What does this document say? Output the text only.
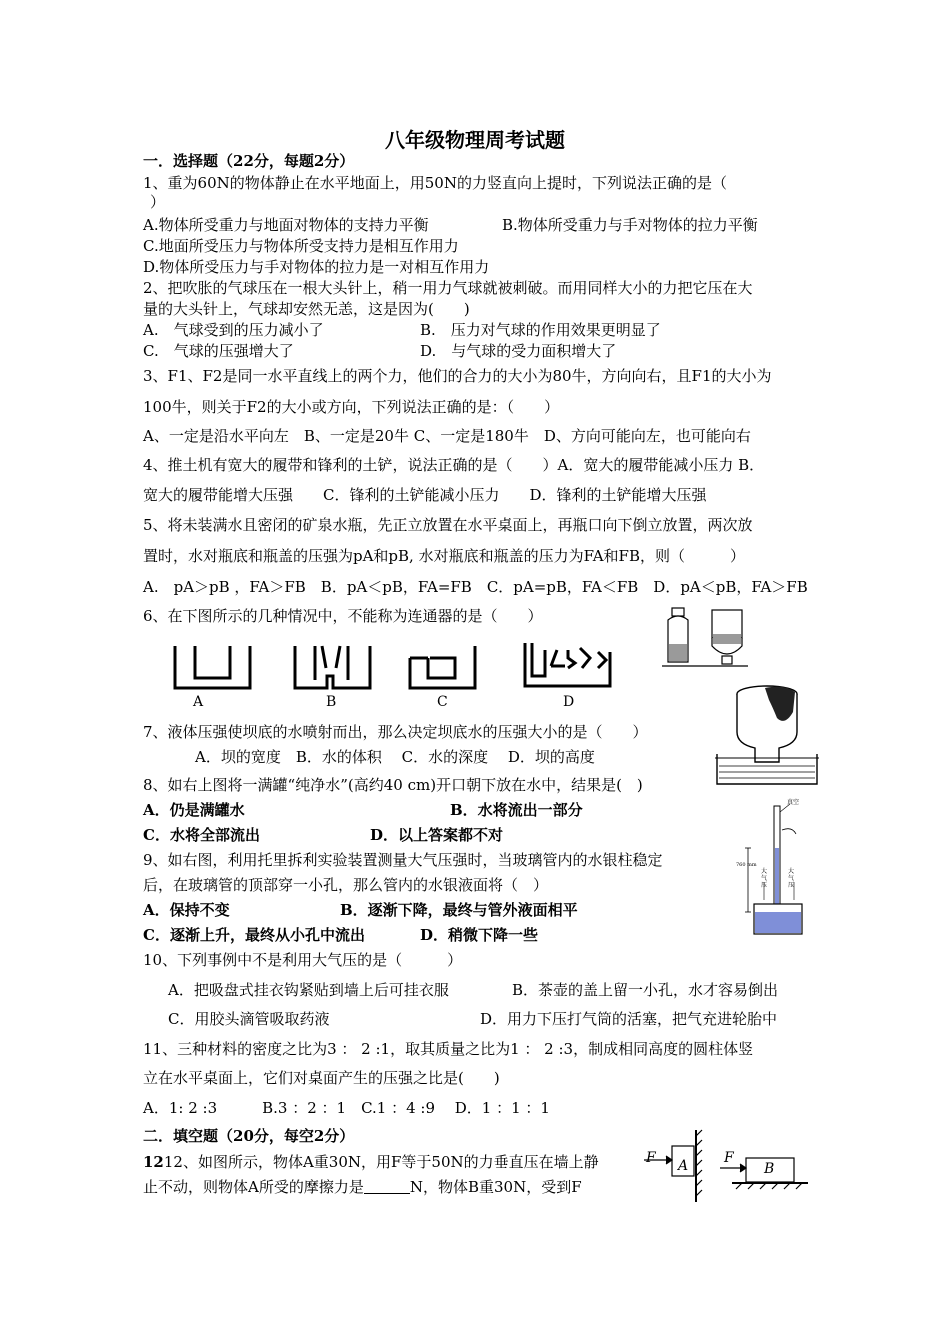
八年级物理周考试题
一．选择题（22分，每题2分）
1、重为60N的物体静止在水平地面上，用50N的力竖直向上提时，下列说法正确的是（
）
A.物体所受重力与地面对物体的支持力平衡	B.物体所受重力与手对物体的拉力平衡
C.地面所受压力与物体所受支持力是相互作用力
D.物体所受压力与手对物体的拉力是一对相互作用力
2、把吹胀的气球压在一根大头针上，稍一用力气球就被刺破。而用同样大小的力把它压在大
量的大头针上，气球却安然无恙，这是因为(　　)
A.　气球受到的压力减小了	B.　压力对气球的作用效果更明显了
C.　气球的压强增大了	D.　与气球的受力面积增大了
3、F1、F2是同一水平直线上的两个力，他们的合力的大小为80牛，方向向右，且F1的大小为
100牛，则关于F2的大小或方向，下列说法正确的是：（　　）
A、一定是沿水平向左　B、一定是20牛 C、一定是180牛　D、方向可能向左，也可能向右
4、推土机有宽大的履带和锋利的土铲，说法正确的是（　　）A．宽大的履带能减小压力 B．
宽大的履带能增大压强　　C．锋利的土铲能减小压力　　D．锋利的土铲能增大压强
5、将未装满水且密闭的矿泉水瓶，先正立放置在水平桌面上，再瓶口向下倒立放置，两次放
置时，水对瓶底和瓶盖的压强为pA和pB, 水对瓶底和瓶盖的压力为FA和FB，则（　　　）
A.　pA＞pB ，FA＞FB　B．pA＜pB，FA=FB　C．pA=pB，FA＜FB　D．pA＜pB，FA＞FB
6、在下图所示的几种情况中，不能称为连通器的是（　　）
A	B	C	D
7、液体压强使坝底的水喷射而出，那么决定坝底水的压强大小的是（　　）
A．坝的宽度　B．水的体积　 C．水的深度　 D．坝的高度
8、如右上图将一满罐“纯净水”(高约40 cm)开口朝下放在水中，结果是(　)
A．仍是满罐水	B．水将流出一部分
C．水将全部流出	D．以上答案都不对
9、如右图，利用托里拆利实验装置测量大气压强时，当玻璃管内的水银柱稳定
后，在玻璃管的顶部穿一小孔，那么管内的水银液面将（　）
A．保持不变	B．逐渐下降，最终与管外液面相平
C．逐渐上升，最终从小孔中流出	D．稍微下降一些
真空
760 mm
大气压
大气压
10、下列事例中不是利用大气压的是（　　　）
A．把吸盘式挂衣钩紧贴到墙上后可挂衣服	B．茶壶的盖上留一小孔，水才容易倒出
C．用胶头滴管吸取药液	D．用力下压打气筒的活塞，把气充进轮胎中
11、三种材料的密度之比为3 ： 2 :1，取其质量之比为1 ： 2 :3，制成相同高度的圆柱体竖
立在水平桌面上，它们对桌面产生的压强之比是(　　)
A．1: 2 :3　　　B.3 ：2 ：1　C.1 ：4 :9　 D．1 ：1 ：1
二．填空题（20分，每空2分）
1212、如图所示，物体A重30N，用F等于50N的力垂直压在墙上静
止不动，则物体A所受的摩擦力是	N，物体B重30N，受到F
F A	F
B
